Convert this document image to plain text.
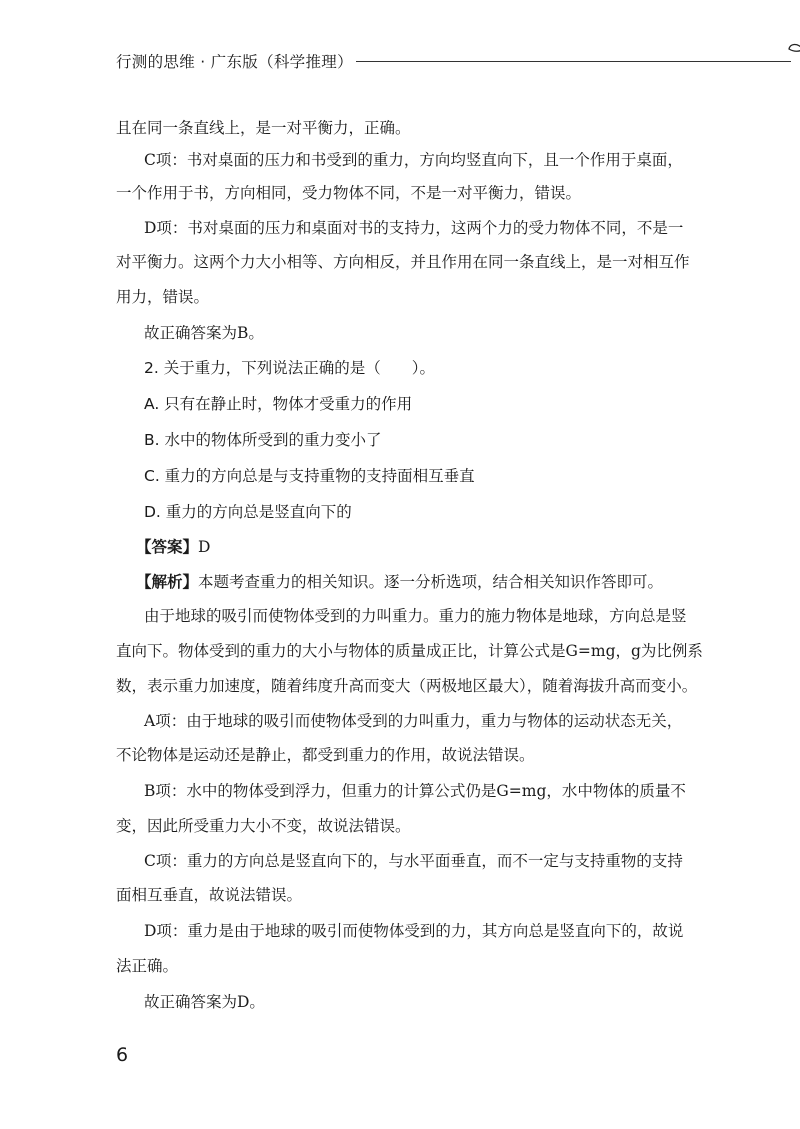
行测的思维 · 广东版（科学推理）
且在同一条直线上，是一对平衡力，正确。
C项：书对桌面的压力和书受到的重力，方向均竖直向下，且一个作用于桌面，
一个作用于书，方向相同，受力物体不同，不是一对平衡力，错误。
D项：书对桌面的压力和桌面对书的支持力，这两个力的受力物体不同，不是一
对平衡力。这两个力大小相等、方向相反，并且作用在同一条直线上，是一对相互作
用力，错误。
故正确答案为B。
2. 关于重力，下列说法正确的是（　　）。
A. 只有在静止时，物体才受重力的作用
B. 水中的物体所受到的重力变小了
C. 重力的方向总是与支持重物的支持面相互垂直
D. 重力的方向总是竖直向下的
【答案】D
【解析】本题考查重力的相关知识。逐一分析选项，结合相关知识作答即可。
由于地球的吸引而使物体受到的力叫重力。重力的施力物体是地球，方向总是竖
直向下。物体受到的重力的大小与物体的质量成正比，计算公式是G=mg，g为比例系
数，表示重力加速度，随着纬度升高而变大（两极地区最大），随着海拔升高而变小。
A项：由于地球的吸引而使物体受到的力叫重力，重力与物体的运动状态无关，
不论物体是运动还是静止，都受到重力的作用，故说法错误。
B项：水中的物体受到浮力，但重力的计算公式仍是G=mg，水中物体的质量不
变，因此所受重力大小不变，故说法错误。
C项：重力的方向总是竖直向下的，与水平面垂直，而不一定与支持重物的支持
面相互垂直，故说法错误。
D项：重力是由于地球的吸引而使物体受到的力，其方向总是竖直向下的，故说
法正确。
故正确答案为D。
6
